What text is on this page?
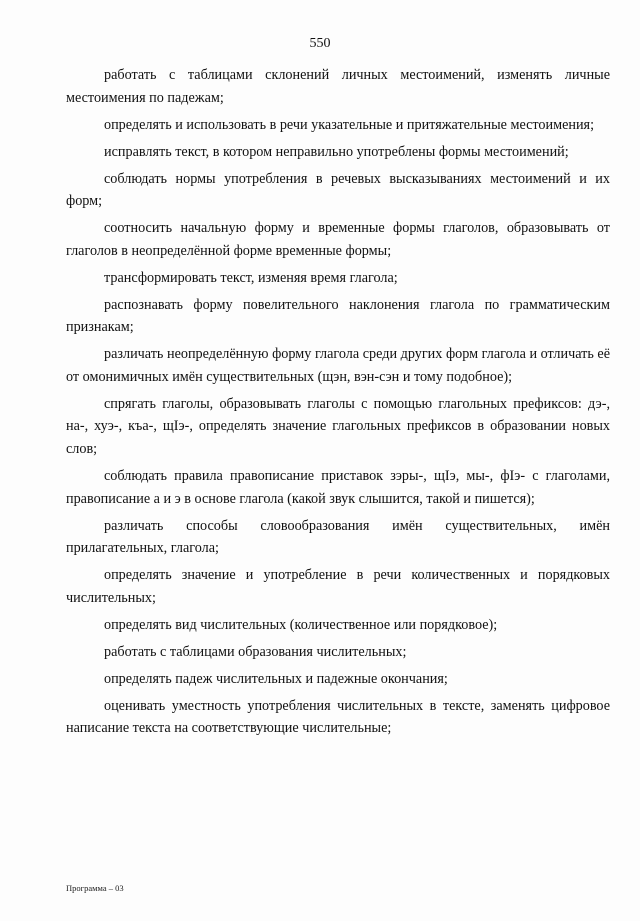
550

работать с таблицами склонений личных местоимений, изменять личные местоимения по падежам;

определять и использовать в речи указательные и притяжательные местоимения;

исправлять текст, в котором неправильно употреблены формы местоимений;

соблюдать нормы употребления в речевых высказываниях местоимений и их форм;

соотносить начальную форму и временные формы глаголов, образовывать от глаголов в неопределённой форме временные формы;

трансформировать текст, изменяя время глагола;

распознавать форму повелительного наклонения глагола по грамматическим признакам;

различать неопределённую форму глагола среди других форм глагола и отличать её от омонимичных имён существительных (щэн, вэн-сэн и тому подобное);

спрягать глаголы, образовывать глаголы с помощью глагольных префиксов: дэ-, на-, хуэ-, къа-, щIэ-, определять значение глагольных префиксов в образовании новых слов;

соблюдать правила правописание приставок зэры-, щIэ, мы-, фIэ- с глаголами, правописание а и э в основе глагола (какой звук слышится, такой и пишется);

различать способы словообразования имён существительных, имён прилагательных, глагола;

определять значение и употребление в речи количественных и порядковых числительных;

определять вид числительных (количественное или порядковое);

работать с таблицами образования числительных;

определять падеж числительных и падежные окончания;

оценивать уместность употребления числительных в тексте, заменять цифровое написание текста на соответствующие числительные;

Программа – 03
